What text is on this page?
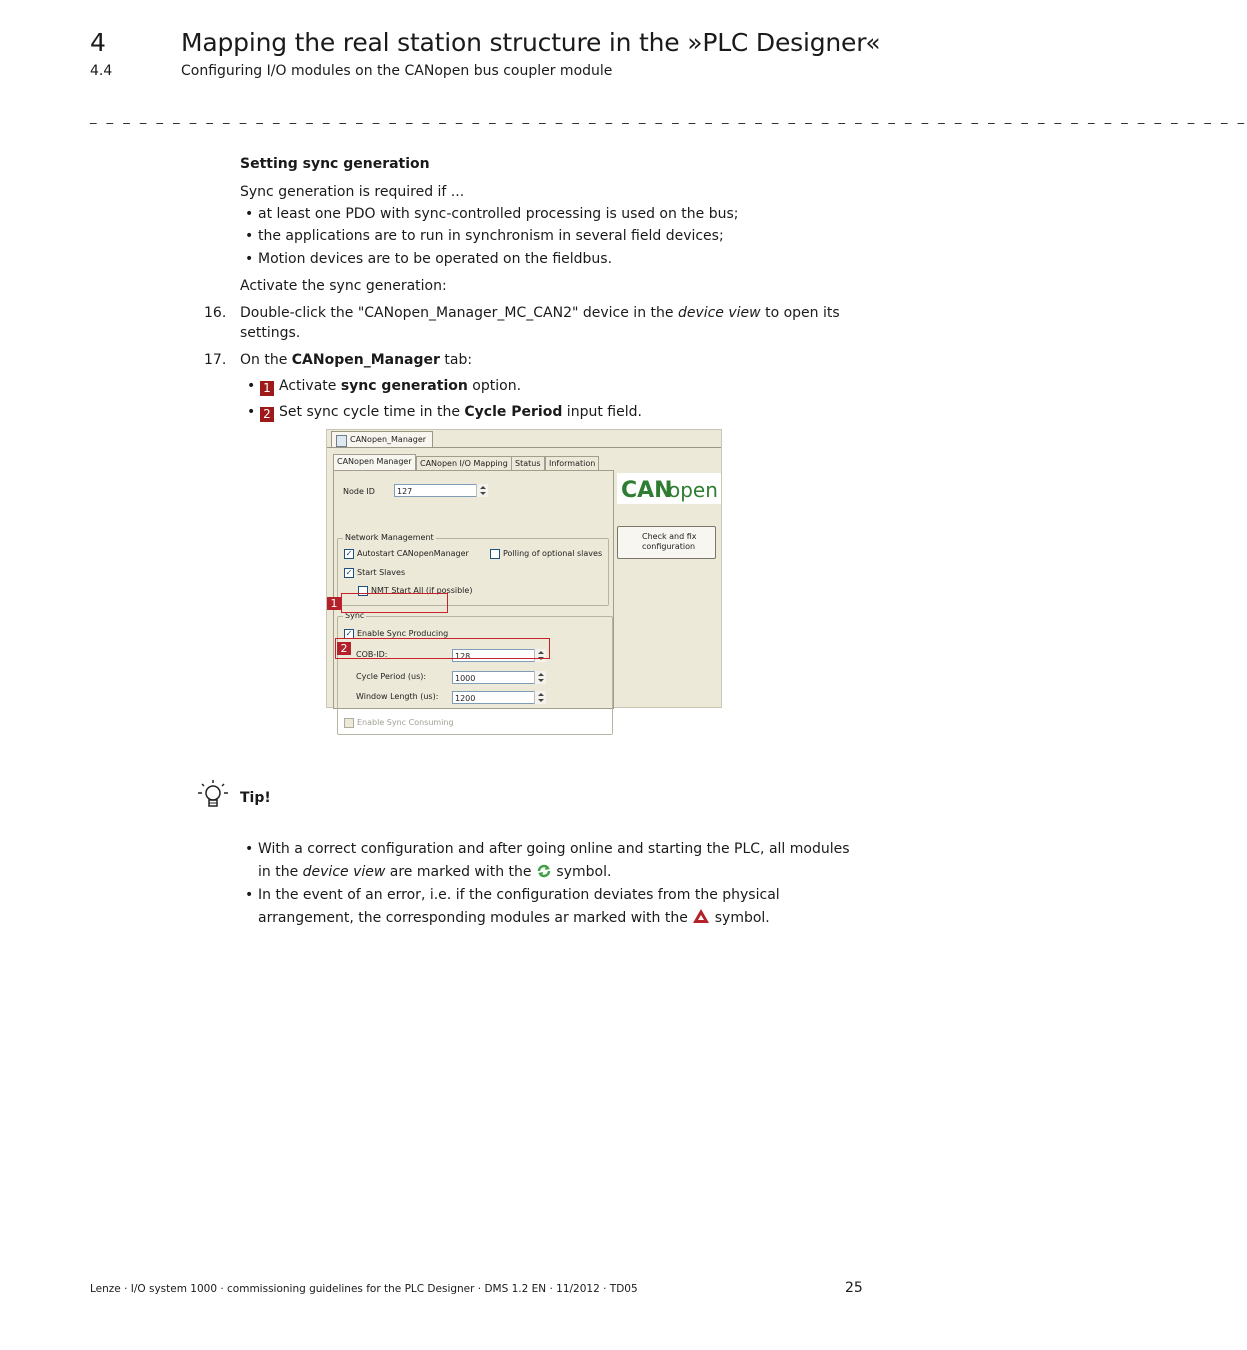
4	Mapping the real station structure in the »PLC Designer«
4.4	Configuring I/O modules on the CANopen bus coupler module
_ _ _ _ _ _ _ _ _ _ _ _ _ _ _ _ _ _ _ _ _ _ _ _ _ _ _ _ _ _ _ _ _ _ _ _ _ _ _ _ _ _ _ _ _ _ _ _ _ _ _ _ _ _ _ _ _ _ _ _ _ _ _ _ _ _ _ _ _ _
Setting sync generation
Sync generation is required if ...
• at least one PDO with sync-controlled processing is used on the bus;
• the applications are to run in synchronism in several field devices;
• Motion devices are to be operated on the fieldbus.
Activate the sync generation:
16. Double-click the "CANopen_Manager_MC_CAN2" device in the device view to open its settings.
17. On the CANopen_Manager tab:
• 1 Activate sync generation option.
• 2 Set sync cycle time in the Cycle Period input field.
CANopen_Manager
CANopen Manager	CANopen I/O Mapping Status	Information
Node ID	127
Network Management
✓ Autostart CANopenManager	Polling of optional slaves
✓ Start Slaves
NMT Start All (if possible)
Sync
✓ Enable Sync Producing
COB-ID:	128
Cycle Period (us):	1000
Window Length (us):	1200
Enable Sync Consuming
CAN
open
Check and fix configuration
1
2
Tip!
• With a correct configuration and after going online and starting the PLC, all modules in the device view are marked with the  symbol.
• In the event of an error, i.e. if the configuration deviates from the physical arrangement, the corresponding modules ar marked with the  symbol.
Lenze · I/O system 1000 · commissioning guidelines for the PLC Designer · DMS 1.2 EN · 11/2012 · TD05	25
